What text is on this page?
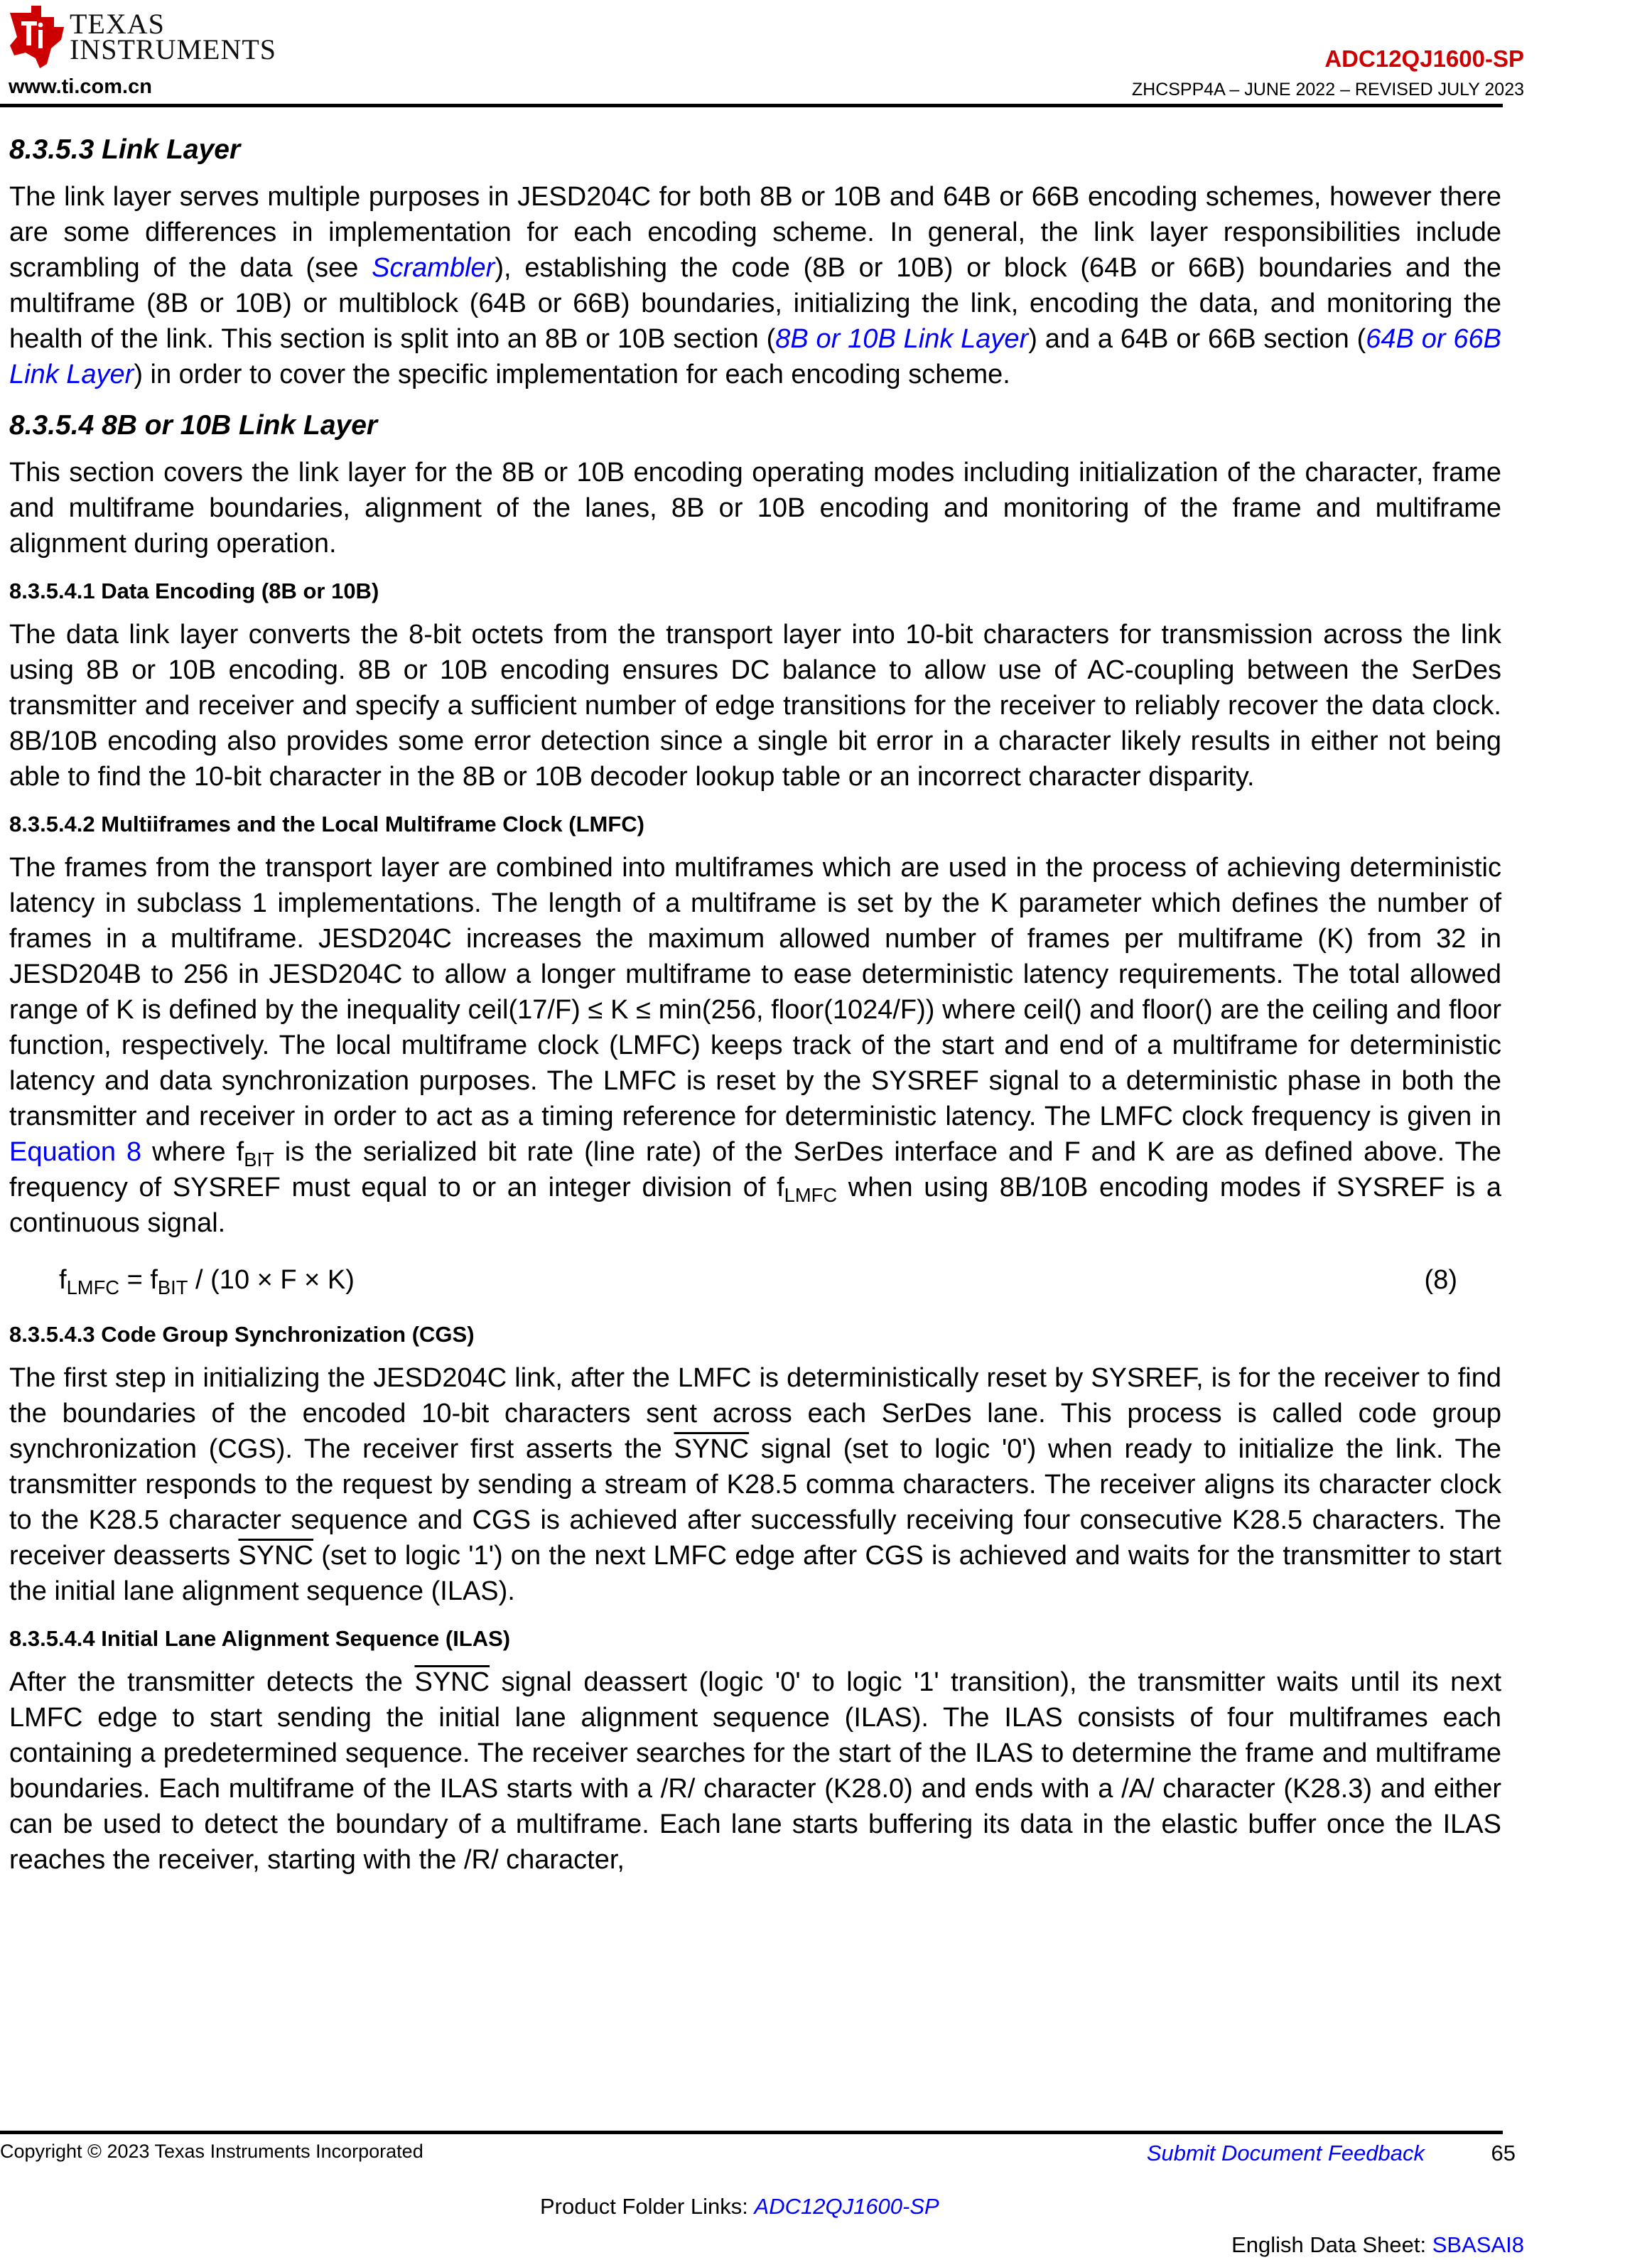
TEXAS
INSTRUMENTS
www.ti.com.cn
ADC12QJ1600-SP
ZHCSPP4A – JUNE 2022 – REVISED JULY 2023
8.3.5.3 Link Layer

The link layer serves multiple purposes in JESD204C for both 8B or 10B and 64B or 66B encoding schemes, however there are some differences in implementation for each encoding scheme. In general, the link layer responsibilities include scrambling of the data (see Scrambler), establishing the code (8B or 10B) or block (64B or 66B) boundaries and the multiframe (8B or 10B) or multiblock (64B or 66B) boundaries, initializing the link, encoding the data, and monitoring the health of the link. This section is split into an 8B or 10B section (8B or 10B Link Layer) and a 64B or 66B section (64B or 66B Link Layer) in order to cover the specific implementation for each encoding scheme.

8.3.5.4 8B or 10B Link Layer

This section covers the link layer for the 8B or 10B encoding operating modes including initialization of the character, frame and multiframe boundaries, alignment of the lanes, 8B or 10B encoding and monitoring of the frame and multiframe alignment during operation.

8.3.5.4.1 Data Encoding (8B or 10B)

The data link layer converts the 8-bit octets from the transport layer into 10-bit characters for transmission across the link using 8B or 10B encoding. 8B or 10B encoding ensures DC balance to allow use of AC-coupling between the SerDes transmitter and receiver and specify a sufficient number of edge transitions for the receiver to reliably recover the data clock. 8B/10B encoding also provides some error detection since a single bit error in a character likely results in either not being able to find the 10-bit character in the 8B or 10B decoder lookup table or an incorrect character disparity.

8.3.5.4.2 Multiiframes and the Local Multiframe Clock (LMFC)

The frames from the transport layer are combined into multiframes which are used in the process of achieving deterministic latency in subclass 1 implementations. The length of a multiframe is set by the K parameter which defines the number of frames in a multiframe. JESD204C increases the maximum allowed number of frames per multiframe (K) from 32 in JESD204B to 256 in JESD204C to allow a longer multiframe to ease deterministic latency requirements. The total allowed range of K is defined by the inequality ceil(17/F) ≤ K ≤ min(256, floor(1024/F)) where ceil() and floor() are the ceiling and floor function, respectively. The local multiframe clock (LMFC) keeps track of the start and end of a multiframe for deterministic latency and data synchronization purposes. The LMFC is reset by the SYSREF signal to a deterministic phase in both the transmitter and receiver in order to act as a timing reference for deterministic latency. The LMFC clock frequency is given in Equation 8 where $f_{BIT}$ is the serialized bit rate (line rate) of the SerDes interface and F and K are as defined above. The frequency of SYSREF must equal to or an integer division of $f_{LMFC}$ when using 8B/10B encoding modes if SYSREF is a continuous signal.

$f_{LMFC} = f_{BIT} / (10 \times F \times K)$	(8)
8.3.5.4.3 Code Group Synchronization (CGS)

The first step in initializing the JESD204C link, after the LMFC is deterministically reset by SYSREF, is for the receiver to find the boundaries of the encoded 10-bit characters sent across each SerDes lane. This process is called code group synchronization (CGS). The receiver first asserts the SYNC signal (set to logic '0') when ready to initialize the link. The transmitter responds to the request by sending a stream of K28.5 comma characters. The receiver aligns its character clock to the K28.5 character sequence and CGS is achieved after successfully receiving four consecutive K28.5 characters. The receiver deasserts SYNC (set to logic '1') on the next LMFC edge after CGS is achieved and waits for the transmitter to start the initial lane alignment sequence (ILAS).

8.3.5.4.4 Initial Lane Alignment Sequence (ILAS)

After the transmitter detects the SYNC signal deassert (logic '0' to logic '1' transition), the transmitter waits until its next LMFC edge to start sending the initial lane alignment sequence (ILAS). The ILAS consists of four multiframes each containing a predetermined sequence. The receiver searches for the start of the ILAS to determine the frame and multiframe boundaries. Each multiframe of the ILAS starts with a /R/ character (K28.0) and ends with a /A/ character (K28.3) and either can be used to detect the boundary of a multiframe. Each lane starts buffering its data in the elastic buffer once the ILAS reaches the receiver, starting with the /R/ character,

Copyright © 2023 Texas Instruments Incorporated	Submit Document Feedback	65
Product Folder Links: ADC12QJ1600-SP
English Data Sheet: SBASAI8
